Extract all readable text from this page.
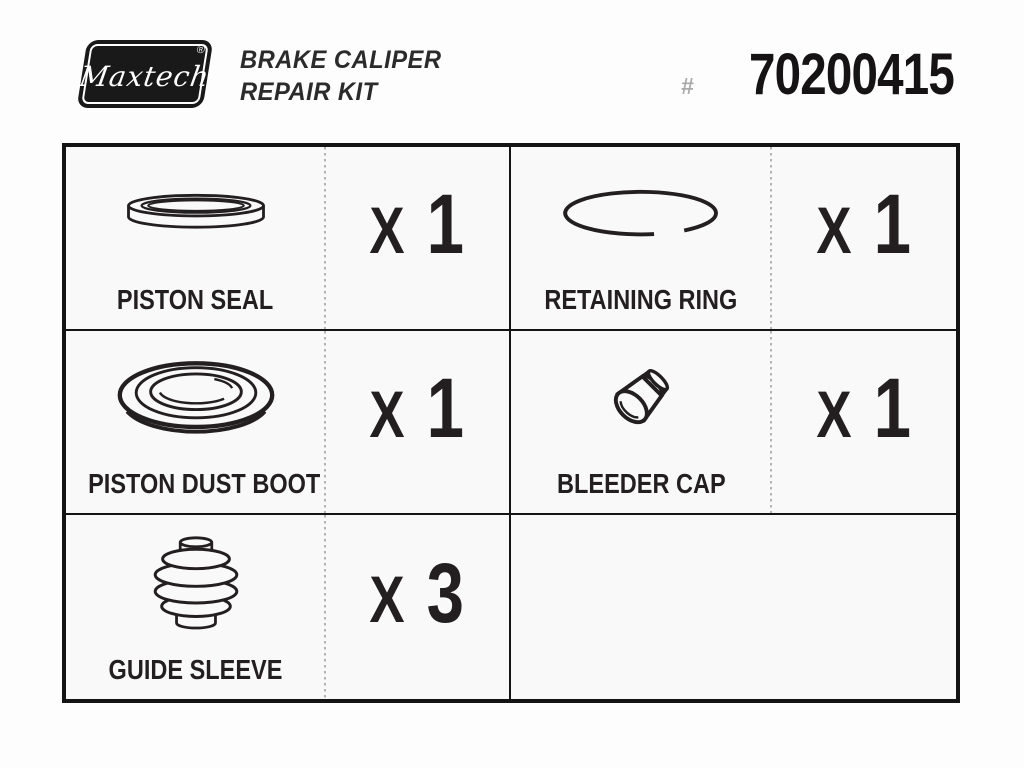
Maxtech
® BRAKE CALIPER
REPAIR KIT	# 70200415
PISTON SEAL
X 1
RETAINING RING
X 1
PISTON DUST BOOT
X 1
BLEEDER CAP
X 1
GUIDE SLEEVE
X 3
